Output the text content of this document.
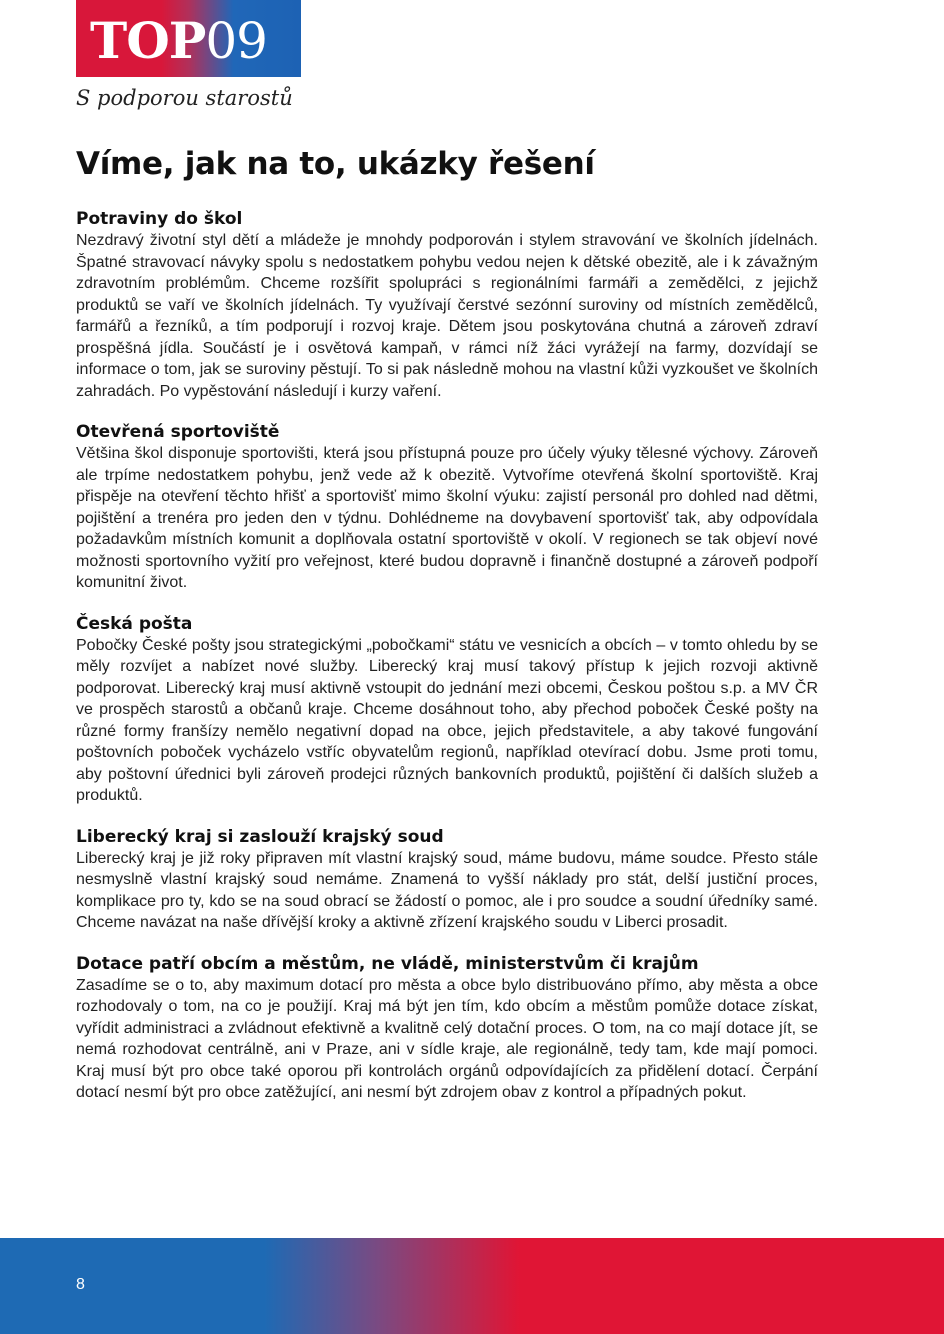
TOP09
S podporou starostů
Víme, jak na to, ukázky řešení
Potraviny do škol

Nezdravý životní styl dětí a mládeže je mnohdy podporován i stylem stravování ve školních jídelnách. Špatné stravovací návyky spolu s nedostatkem pohybu vedou nejen k dětské obezitě, ale i k závažným zdravotním problémům. Chceme rozšířit spolupráci s regionálními farmáři a zemědělci, z jejichž produktů se vaří ve školních jídelnách. Ty využívají čerstvé sezónní suroviny od místních zemědělců, farmářů a řezníků, a tím podporují i rozvoj kraje. Dětem jsou poskytována chutná a zároveň zdraví prospěšná jídla. Součástí je i osvětová kampaň, v rámci níž žáci vyrážejí na farmy, dozvídají se informace o tom, jak se suroviny pěstují. To si pak následně mohou na vlastní kůži vyzkoušet ve školních zahradách. Po vypěstování následují i kurzy vaření.

Otevřená sportoviště

Většina škol disponuje sportovišti, která jsou přístupná pouze pro účely výuky tělesné výchovy. Zároveň ale trpíme nedostatkem pohybu, jenž vede až k obezitě. Vytvoříme otevřená školní sportoviště. Kraj přispěje na otevření těchto hřišť a sportovišť mimo školní výuku: zajistí personál pro dohled nad dětmi, pojištění a trenéra pro jeden den v týdnu. Dohlédneme na dovybavení sportovišť tak, aby odpovídala požadavkům místních komunit a doplňovala ostatní sportoviště v okolí. V regionech se tak objeví nové možnosti sportovního vyžití pro veřejnost, které budou dopravně i finančně dostupné a zároveň podpoří komunitní život.

Česká pošta

Pobočky České pošty jsou strategickými „pobočkami“ státu ve vesnicích a obcích – v tomto ohledu by se měly rozvíjet a nabízet nové služby. Liberecký kraj musí takový přístup k jejich rozvoji aktivně podporovat. Liberecký kraj musí aktivně vstoupit do jednání mezi obcemi, Českou poštou s.p. a MV ČR ve prospěch starostů a občanů kraje. Chceme dosáhnout toho, aby přechod poboček České pošty na různé formy franšízy nemělo negativní dopad na obce, jejich představitele, a aby takové fungování poštovních poboček vycházelo vstříc obyvatelům regionů, například otevírací dobu. Jsme proti tomu, aby poštovní úřednici byli zároveň prodejci různých bankovních produktů, pojištění či dalších služeb a produktů.

Liberecký kraj si zaslouží krajský soud

Liberecký kraj je již roky připraven mít vlastní krajský soud, máme budovu, máme soudce. Přesto stále nesmyslně vlastní krajský soud nemáme. Znamená to vyšší náklady pro stát, delší justiční proces, komplikace pro ty, kdo se na soud obrací se žádostí o pomoc, ale i pro soudce a soudní úředníky samé. Chceme navázat na naše dřívější kroky a aktivně zřízení krajského soudu v Liberci prosadit.

Dotace patří obcím a městům, ne vládě, ministerstvům či krajům

Zasadíme se o to, aby maximum dotací pro města a obce bylo distribuováno přímo, aby města a obce rozhodovaly o tom, na co je použijí. Kraj má být jen tím, kdo obcím a městům pomůže dotace získat, vyřídit administraci a zvládnout efektivně a kvalitně celý dotační proces. O tom, na co mají dotace jít, se nemá rozhodovat centrálně, ani v Praze, ani v sídle kraje, ale regionálně, tedy tam, kde mají pomoci. Kraj musí být pro obce také oporou při kontrolách orgánů odpovídajících za přidělení dotací. Čerpání dotací nesmí být pro obce zatěžující, ani nesmí být zdrojem obav z kontrol a případných pokut.

8
